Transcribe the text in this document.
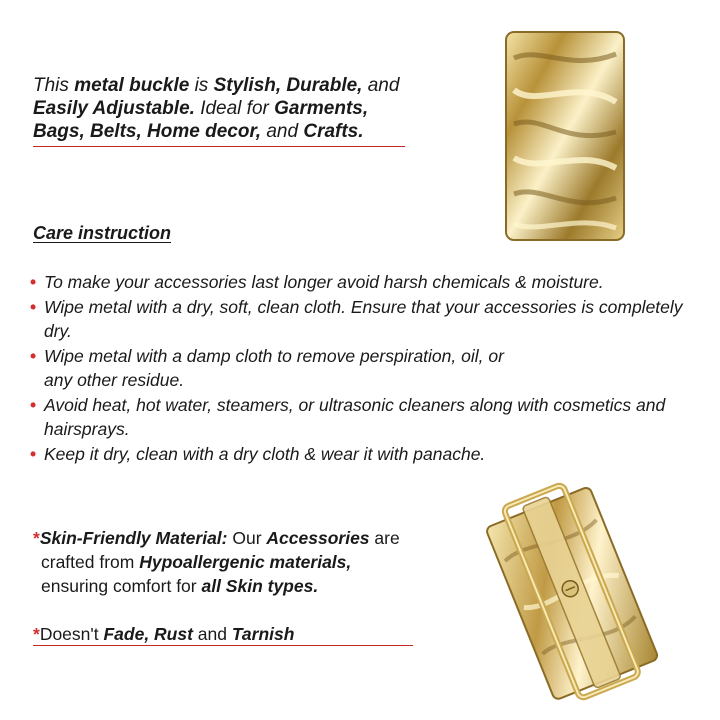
This metal buckle is Stylish, Durable, and
Easily Adjustable. Ideal for Garments,
Bags, Belts, Home decor, and Crafts.
Care instruction
• To make your accessories last longer avoid harsh chemicals & moisture.
• Wipe metal with a dry, soft, clean cloth. Ensure that your accessories is completely dry.
• Wipe metal with a damp cloth to remove perspiration, oil, or any other residue.
• Avoid heat, hot water, steamers, or ultrasonic cleaners along with cosmetics and hairsprays.
• Keep it dry, clean with a dry cloth & wear it with panache.
*Skin-Friendly Material: Our Accessories are
crafted from Hypoallergenic materials,
ensuring comfort for all Skin types.
*Doesn't Fade, Rust and Tarnish
